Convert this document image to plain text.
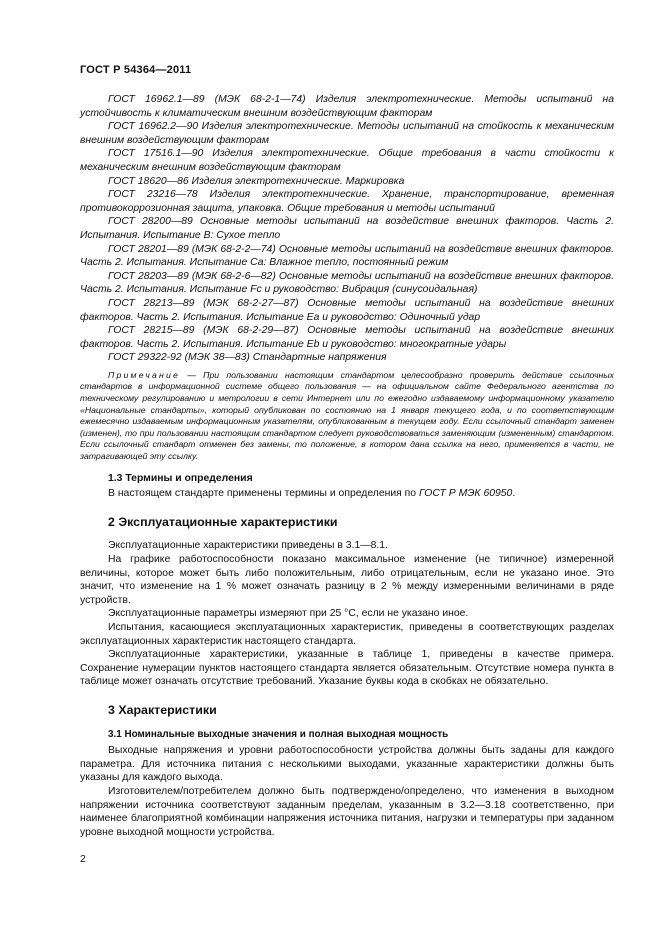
ГОСТ Р 54364—2011

ГОСТ 16962.1—89 (МЭК 68-2-1—74) Изделия электротехнические. Методы испытаний на устойчивость к климатическим внешним воздействующим факторам

ГОСТ 16962.2—90 Изделия электротехнические. Методы испытаний на стойкость к механическим внешним воздействующим факторам

ГОСТ 17516.1—90 Изделия электротехнические. Общие требования в части стойкости к механическим внешним воздействующим факторам

ГОСТ 18620—86 Изделия электротехнические. Маркировка

ГОСТ 23216—78 Изделия электротехнические. Хранение, транспортирование, временная противокоррозионная защита, упаковка. Общие требования и методы испытаний

ГОСТ 28200—89 Основные методы испытаний на воздействие внешних факторов. Часть 2. Испытания. Испытание В: Сухое тепло

ГОСТ 28201—89 (МЭК 68-2-2—74) Основные методы испытаний на воздействие внешних факторов. Часть 2. Испытания. Испытание Са: Влажное тепло, постоянный режим

ГОСТ 28203—89 (МЭК 68-2-6—82) Основные методы испытаний на воздействие внешних факторов. Часть 2. Испытания. Испытание Fc и руководство: Вибрация (синусоидальная)

ГОСТ 28213—89 (МЭК 68-2-27—87) Основные методы испытаний на воздействие внешних факторов. Часть 2. Испытания. Испытание Еа и руководство: Одиночный удар

ГОСТ 28215—89 (МЭК 68-2-29—87) Основные методы испытаний на воздействие внешних факторов. Часть 2. Испытания. Испытание Eb и руководство: многократные удары

ГОСТ 29322-92 (МЭК 38—83) Стандартные напряжения

Примечание — При пользовании настоящим стандартом целесообразно проверить действие ссылочных стандартов в информационной системе общего пользования — на официальном сайте Федерального агентства по техническому регулированию и метрологии в сети Интернет или по ежегодно издаваемому информационному указателю «Национальные стандарты», который опубликован по состоянию на 1 января текущего года, и по соответствующим ежемесячно издаваемым информационным указателям, опубликованным в текущем году. Если ссылочный стандарт заменен (изменен), то при пользовании настоящим стандартом следует руководствоваться заменяющим (измененным) стандартом. Если ссылочный стандарт отменен без замены, то положение, в котором дана ссылка на него, применяется в части, не затрагивающей эту ссылку.

1.3 Термины и определения

В настоящем стандарте применены термины и определения по ГОСТ Р МЭК 60950.

2 Эксплуатационные характеристики

Эксплуатационные характеристики приведены в 3.1—8.1.

На графике работоспособности показано максимальное изменение (не типичное) измеренной величины, которое может быть либо положительным, либо отрицательным, если не указано иное. Это значит, что изменение на 1 % может означать разницу в 2 % между измеренными величинами в ряде устройств.

Эксплуатационные параметры измеряют при 25 °С, если не указано иное.

Испытания, касающиеся эксплуатационных характеристик, приведены в соответствующих разделах эксплуатационных характеристик настоящего стандарта.

Эксплуатационные характеристики, указанные в таблице 1, приведены в качестве примера. Сохранение нумерации пунктов настоящего стандарта является обязательным. Отсутствие номера пункта в таблице может означать отсутствие требований. Указание буквы кода в скобках не обязательно.

3 Характеристики
3.1 Номинальные выходные значения и полная выходная мощность

Выходные напряжения и уровни работоспособности устройства должны быть заданы для каждого параметра. Для источника питания с несколькими выходами, указанные характеристики должны быть указаны для каждого выхода.

Изготовителем/потребителем должно быть подтверждено/определено, что изменения в выходном напряжении источника соответствуют заданным пределам, указанным в 3.2—3.18 соответственно, при наименее благоприятной комбинации напряжения источника питания, нагрузки и температуры при заданном уровне выходной мощности устройства.

2
